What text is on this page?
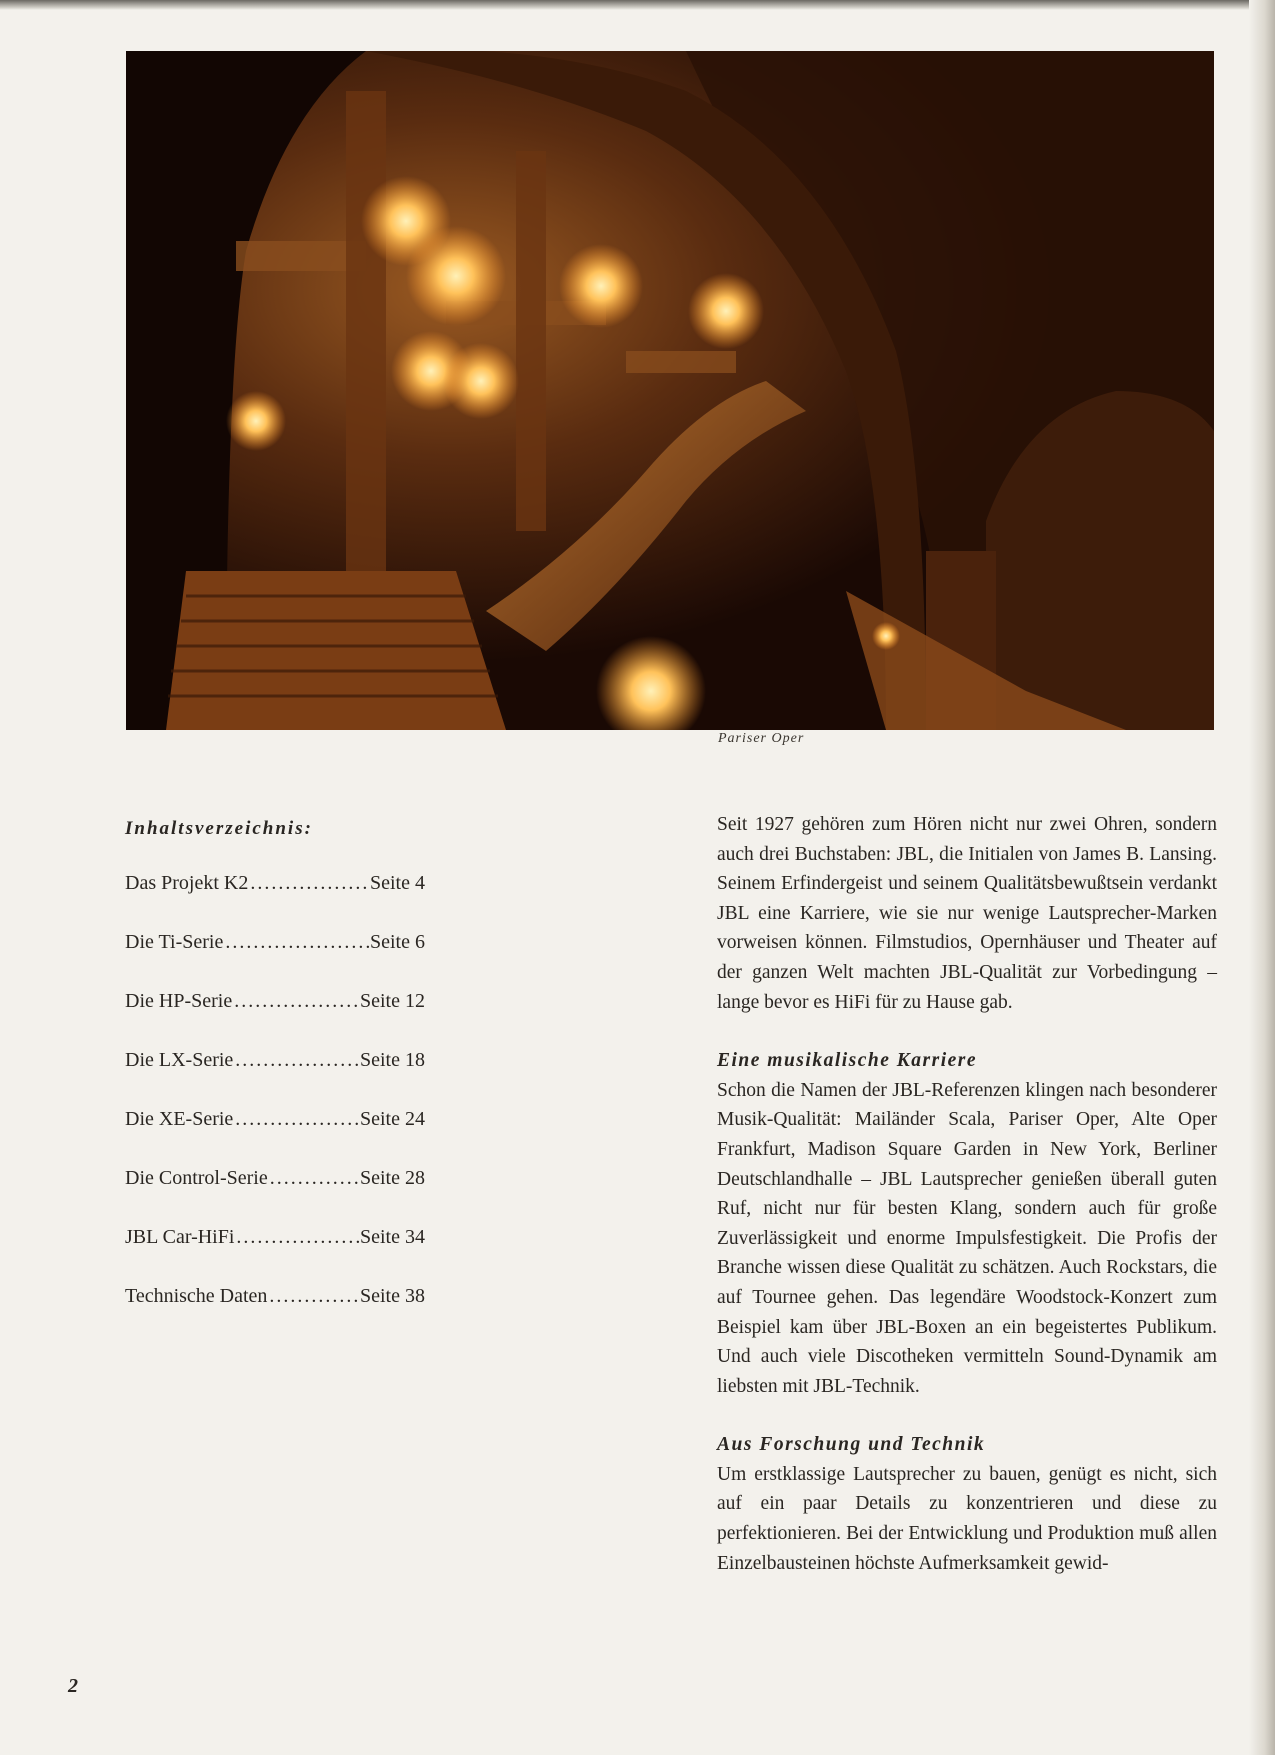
Pariser Oper
Inhaltsverzeichnis:
Das Projekt K2 .....	Seite 4
Die Ti-Serie .....	Seite 6
Die HP-Serie .....	Seite 12
Die LX-Serie .....	Seite 18
Die XE-Serie .....	Seite 24
Die Control-Serie .....	Seite 28
JBL Car-HiFi .....	Seite 34
Technische Daten .....	Seite 38

Seit 1927 gehören zum Hören nicht nur zwei Ohren, sondern auch drei Buchstaben: JBL, die Initialen von James B. Lansing. Seinem Erfindergeist und seinem Qualitätsbewußtsein verdankt JBL eine Karriere, wie sie nur wenige Lautsprecher-Marken vorweisen können. Filmstudios, Opernhäuser und Theater auf der ganzen Welt machten JBL-Qualität zur Vorbedingung – lange bevor es HiFi für zu Hause gab.

Eine musikalische Karriere

Schon die Namen der JBL-Referenzen klingen nach besonderer Musik-Qualität: Mailänder Scala, Pariser Oper, Alte Oper Frankfurt, Madison Square Garden in New York, Berliner Deutschlandhalle – JBL Lautsprecher genießen überall guten Ruf, nicht nur für besten Klang, sondern auch für große Zuverlässigkeit und enorme Impulsfestigkeit. Die Profis der Branche wissen diese Qualität zu schätzen. Auch Rockstars, die auf Tournee gehen. Das legendäre Woodstock-Konzert zum Beispiel kam über JBL-Boxen an ein begeistertes Publikum. Und auch viele Discotheken vermitteln Sound-Dynamik am liebsten mit JBL-Technik.

Aus Forschung und Technik

Um erstklassige Lautsprecher zu bauen, genügt es nicht, sich auf ein paar Details zu konzentrieren und diese zu perfektionieren. Bei der Entwicklung und Produktion muß allen Einzelbausteinen höchste Aufmerksamkeit gewid-

2
